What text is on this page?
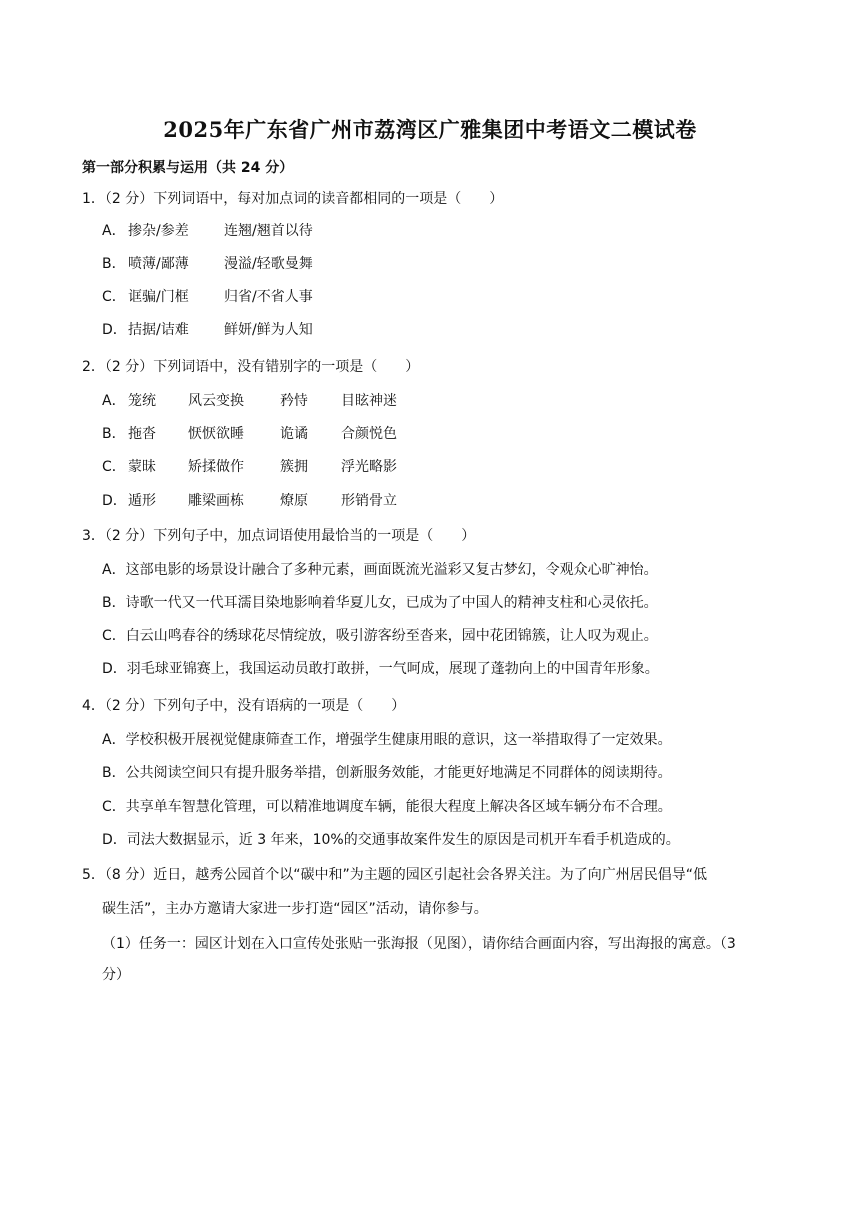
2025年广东省广州市荔湾区广雅集团中考语文二模试卷
第一部分积累与运用（共 24 分）
1．（2 分）下列词语中，每对加点词的读音都相同的一项是（　　）
A． 掺杂/参差	连翘/翘首以待
B． 喷薄/鄙薄	漫溢/轻歌曼舞
C． 诓骗/门框	归省/不省人事
D． 拮据/诘难	鲜妍/鲜为人知
2．（2 分）下列词语中，没有错别字的一项是（　　）
A． 笼统 风云变换	矜恃 目眩神迷
B． 拖沓 恹恹欲睡	诡谲 合颜悦色
C． 蒙昧 矫揉做作	簇拥 浮光略影
D． 遁形 雕梁画栋	燎原 形销骨立
3．（2 分）下列句子中，加点词语使用最恰当的一项是（　　）
A．这部电影的场景设计融合了多种元素，画面既流光溢彩又复古梦幻，令观众心旷神怡。
B．诗歌一代又一代耳濡目染地影响着华夏儿女，已成为了中国人的精神支柱和心灵依托。
C．白云山鸣春谷的绣球花尽情绽放，吸引游客纷至沓来，园中花团锦簇，让人叹为观止。
D．羽毛球亚锦赛上，我国运动员敢打敢拼，一气呵成，展现了蓬勃向上的中国青年形象。
4．（2 分）下列句子中，没有语病的一项是（　　）
A．学校积极开展视觉健康筛查工作，增强学生健康用眼的意识，这一举措取得了一定效果。
B．公共阅读空间只有提升服务举措，创新服务效能，才能更好地满足不同群体的阅读期待。
C．共享单车智慧化管理，可以精准地调度车辆，能很大程度上解决各区域车辆分布不合理。
D．司法大数据显示，近 3 年来，10%的交通事故案件发生的原因是司机开车看手机造成的。
5．（8 分）近日，越秀公园首个以“碳中和”为主题的园区引起社会各界关注。为了向广州居民倡导“低
碳生活”，主办方邀请大家进一步打造“园区”活动，请你参与。
（1）任务一：园区计划在入口宣传处张贴一张海报（见图），请你结合画面内容，写出海报的寓意。（3
分）
